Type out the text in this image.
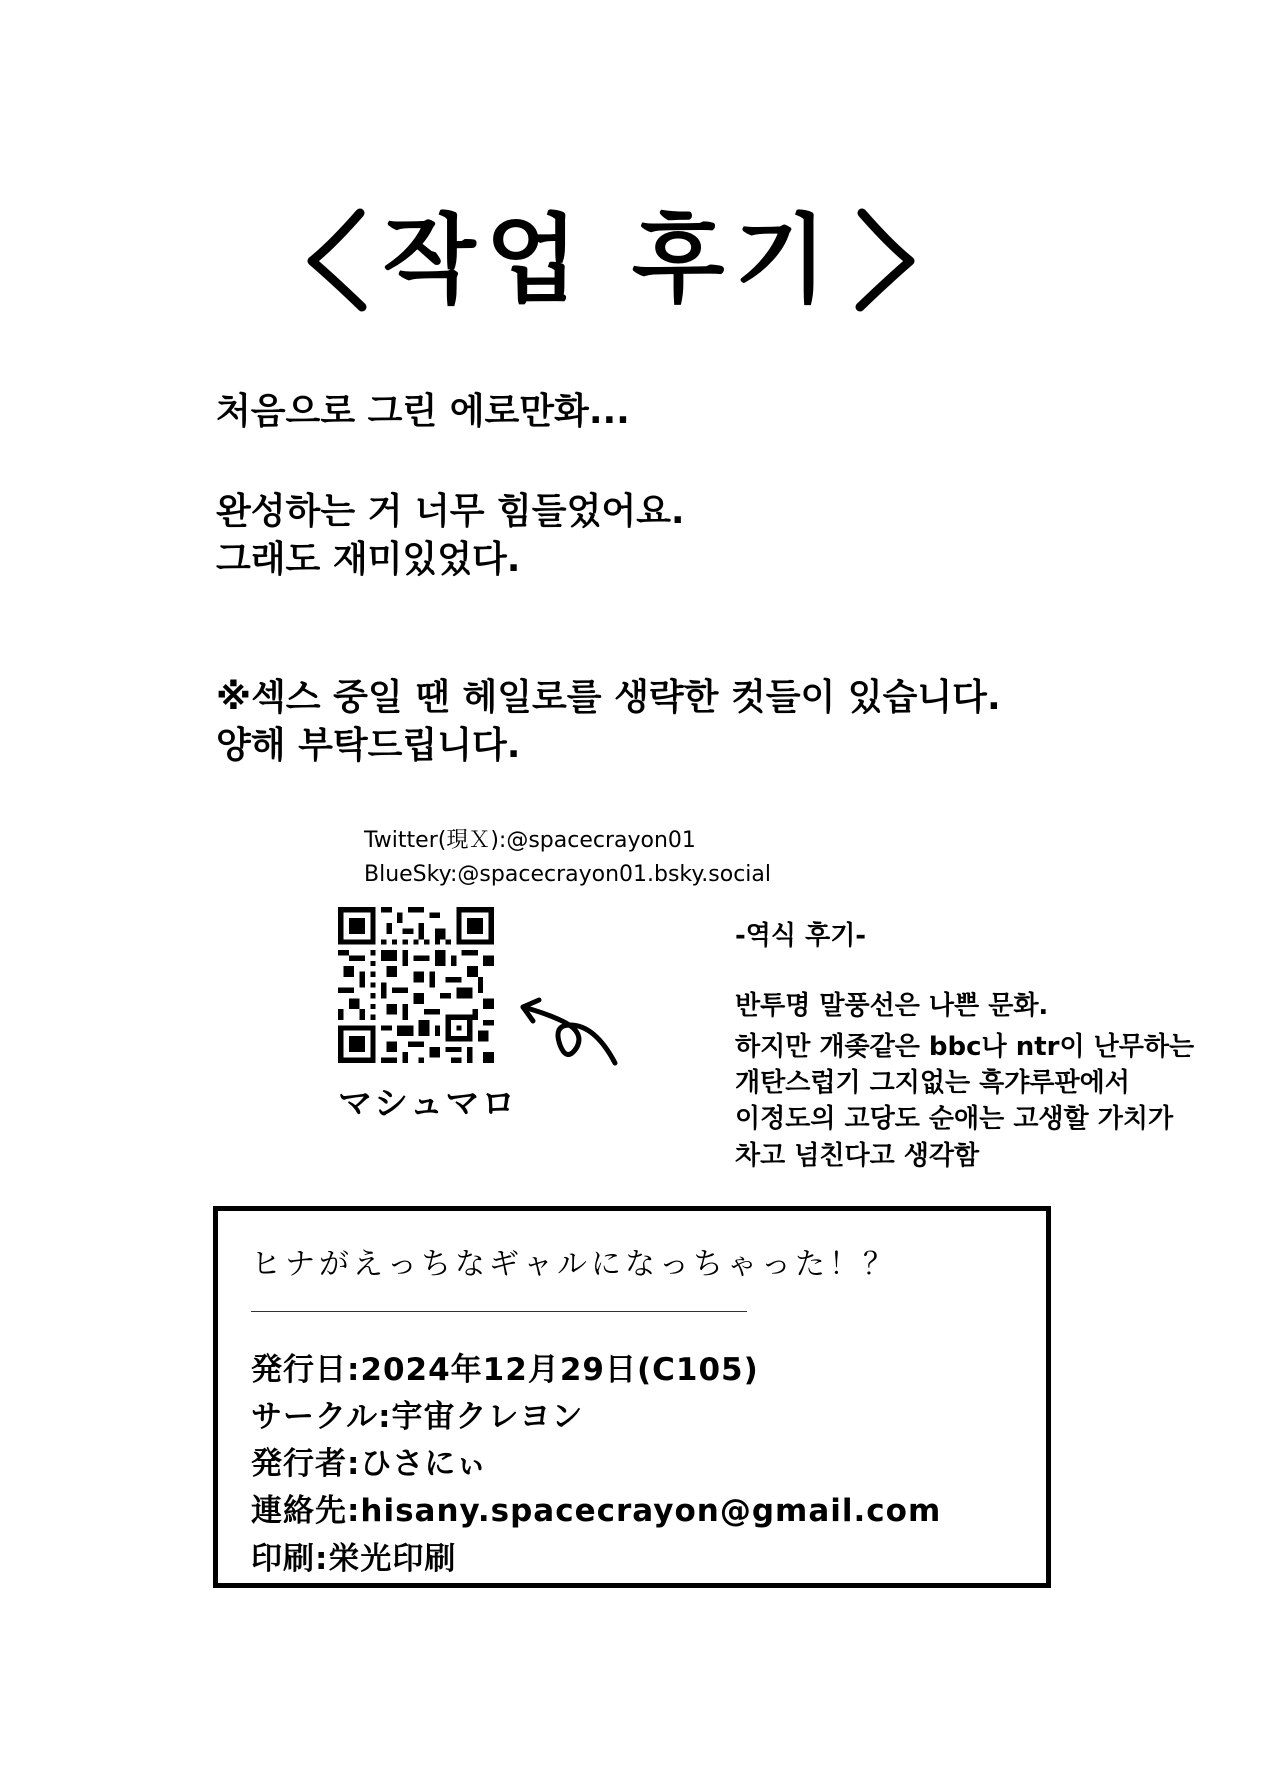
작업 후기
처음으로 그린 에로만화...
완성하는 거 너무 힘들었어요.
그래도 재미있었다.
※섹스 중일 땐 헤일로를 생략한 컷들이 있습니다.
양해 부탁드립니다.
Twitter(現Ｘ):@spacecrayon01
BlueSky:@spacecrayon01.bsky.social
マシュマロ
-역식 후기-
반투명 말풍선은 나쁜 문화.
하지만 개좆같은 bbc나 ntr이 난무하는
개탄스럽기 그지없는 흑갸루판에서
이정도의 고당도 순애는 고생할 가치가
차고 넘친다고 생각함
ヒナがえっちなギャルになっちゃった！？
発行日:2024年12月29日(C105)
サークル:宇宙クレヨン
発行者:ひさにぃ
連絡先:hisany.spacecrayon@gmail.com
印刷:栄光印刷
